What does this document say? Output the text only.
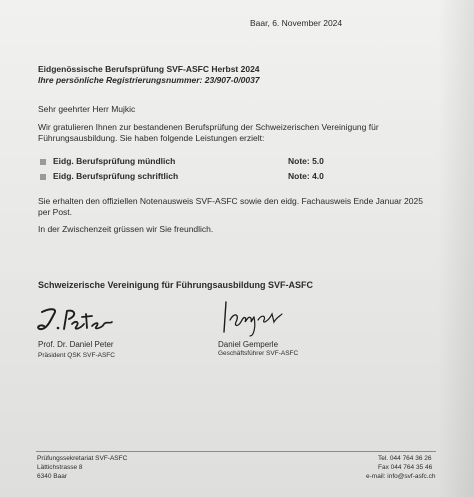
Baar, 6. November 2024
Eidgenössische Berufsprüfung SVF-ASFC Herbst 2024
Ihre persönliche Registrierungsnummer: 23/907-0/0037
Sehr geehrter Herr Mujkic
Wir gratulieren Ihnen zur bestandenen Berufsprüfung der Schweizerischen Vereinigung für
Führungsausbildung. Sie haben folgende Leistungen erzielt:
Eidg. Berufsprüfung mündlich	Note: 5.0
Eidg. Berufsprüfung schriftlich	Note: 4.0
Sie erhalten den offiziellen Notenausweis SVF-ASFC sowie den eidg. Fachausweis Ende Januar 2025
per Post.
In der Zwischenzeit grüssen wir Sie freundlich.
Schweizerische Vereinigung für Führungsausbildung SVF-ASFC
Prof. Dr. Daniel Peter
Präsident QSK SVF-ASFC
Daniel Gemperle
Geschäftsführer SVF-ASFC
Prüfungssekretariat SVF-ASFC
Lättichstrasse 8
6340 Baar
Tel. 044 764 36 26
Fax 044 764 35 46
e-mail: info@svf-asfc.ch
